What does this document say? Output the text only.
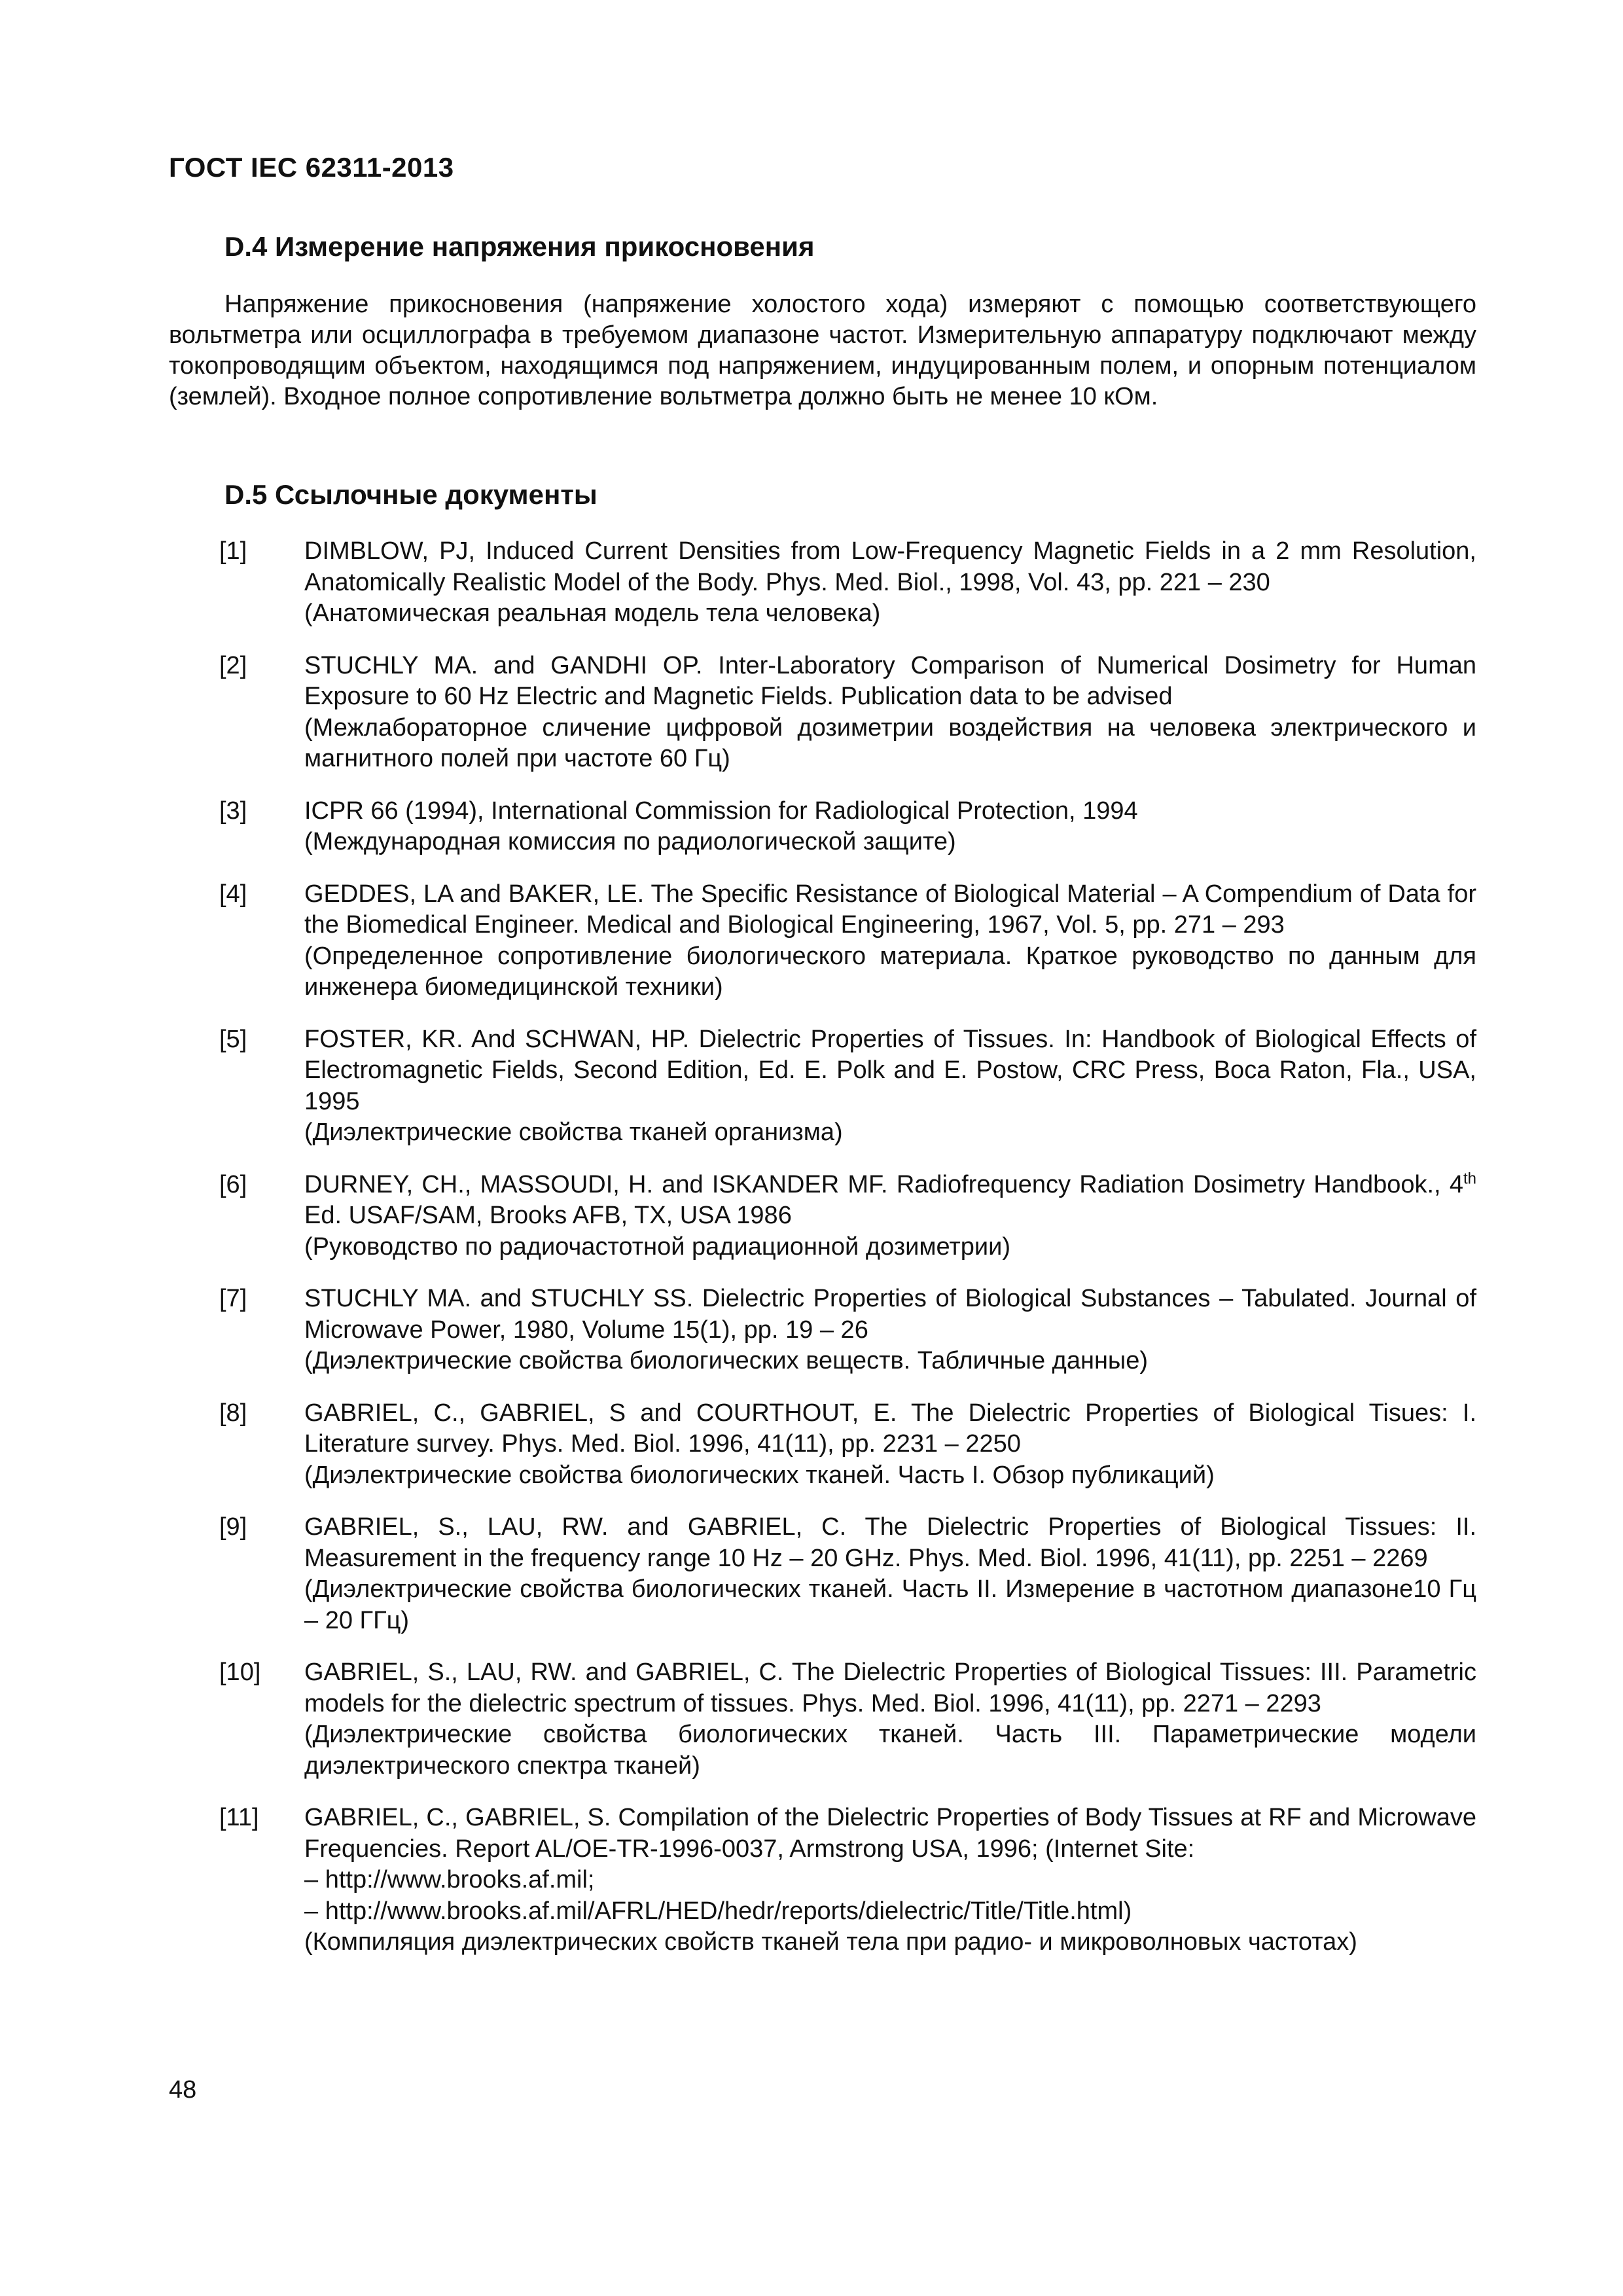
ГОСТ IEC 62311-2013
D.4 Измерение напряжения прикосновения

Напряжение прикосновения (напряжение холостого хода) измеряют с помощью соответствующего вольтметра или осциллографа в требуемом диапазоне частот. Измерительную аппаратуру подключают между токопроводящим объектом, находящимся под напряжением, индуцированным полем, и опорным потенциалом (землей). Входное полное сопротивление вольтметра должно быть не менее 10 кОм.

D.5 Ссылочные документы
[1] DIMBLOW, PJ, Induced Current Densities from Low-Frequency Magnetic Fields in a 2 mm Resolution, Anatomically Realistic Model of the Body. Phys. Med. Biol., 1998, Vol. 43, pp. 221 – 230
(Анатомическая реальная модель тела человека)
[2] STUCHLY MA. and GANDHI OP. Inter-Laboratory Comparison of Numerical Dosimetry for Human Exposure to 60 Hz Electric and Magnetic Fields. Publication data to be advised
(Межлабораторное сличение цифровой дозиметрии воздействия на человека электрического и магнитного полей при частоте 60 Гц)
[3] ICPR 66 (1994), International Commission for Radiological Protection, 1994
(Международная комиссия по радиологической защите)
[4] GEDDES, LA and BAKER, LE. The Specific Resistance of Biological Material – A Compendium of Data for the Biomedical Engineer. Medical and Biological Engineering, 1967, Vol. 5, pp. 271 – 293
(Определенное сопротивление биологического материала. Краткое руководство по данным для инженера биомедицинской техники)
[5] FOSTER, KR. And SCHWAN, HP. Dielectric Properties of Tissues. In: Handbook of Biological Effects of Electromagnetic Fields, Second Edition, Ed. E. Polk and E. Postow, CRC Press, Boca Raton, Fla., USA, 1995
(Диэлектрические свойства тканей организма)
[6] DURNEY, CH., MASSOUDI, H. and ISKANDER MF. Radiofrequency Radiation Dosimetry Handbook., 4th Ed. USAF/SAM, Brooks AFB, TX, USA 1986
(Руководство по радиочастотной радиационной дозиметрии)
[7] STUCHLY MA. and STUCHLY SS. Dielectric Properties of Biological Substances – Tabulated. Journal of Microwave Power, 1980, Volume 15(1), pp. 19 – 26
(Диэлектрические свойства биологических веществ. Табличные данные)
[8] GABRIEL, C., GABRIEL, S and COURTHOUT, E. The Dielectric Properties of Biological Tisues: I. Literature survey. Phys. Med. Biol. 1996, 41(11), pp. 2231 – 2250
(Диэлектрические свойства биологических тканей. Часть I. Обзор публикаций)
[9] GABRIEL, S., LAU, RW. and GABRIEL, C. The Dielectric Properties of Biological Tissues: II. Measurement in the frequency range 10 Hz – 20 GHz. Phys. Med. Biol. 1996, 41(11), pp. 2251 – 2269
(Диэлектрические свойства биологических тканей. Часть II. Измерение в частотном диапазоне10 Гц – 20 ГГц)
[10] GABRIEL, S., LAU, RW. and GABRIEL, C. The Dielectric Properties of Biological Tissues: III. Parametric models for the dielectric spectrum of tissues. Phys. Med. Biol. 1996, 41(11), pp. 2271 – 2293
(Диэлектрические свойства биологических тканей. Часть III. Параметрические модели диэлектрического спектра тканей)
[11] GABRIEL, C., GABRIEL, S. Compilation of the Dielectric Properties of Body Tissues at RF and Microwave Frequencies. Report AL/OE-TR-1996-0037, Armstrong USA, 1996; (Internet Site:
– http://www.brooks.af.mil;
– http://www.brooks.af.mil/AFRL/HED/hedr/reports/dielectric/Title/Title.html)
(Компиляция диэлектрических свойств тканей тела при радио- и микроволновых частотах)
48
